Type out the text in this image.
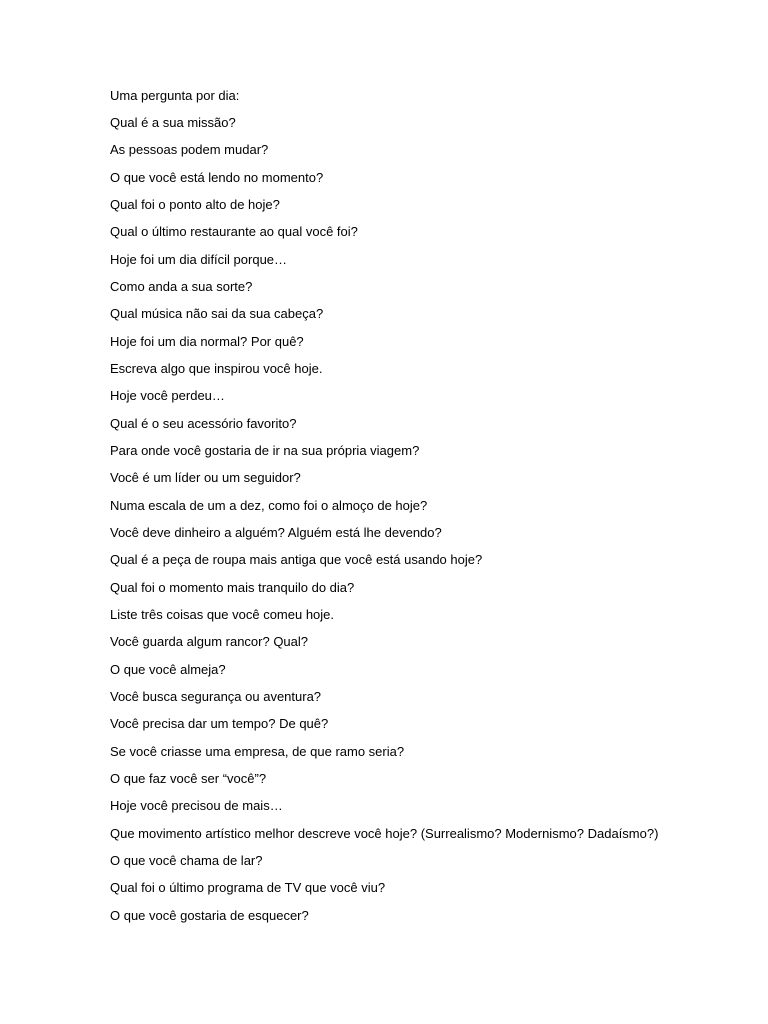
Uma pergunta por dia:

Qual é a sua missão?

As pessoas podem mudar?

O que você está lendo no momento?

Qual foi o ponto alto de hoje?

Qual o último restaurante ao qual você foi?

Hoje foi um dia difícil porque…

Como anda a sua sorte?

Qual música não sai da sua cabeça?

Hoje foi um dia normal? Por quê?

Escreva algo que inspirou você hoje.

Hoje você perdeu…

Qual é o seu acessório favorito?

Para onde você gostaria de ir na sua própria viagem?

Você é um líder ou um seguidor?

Numa escala de um a dez, como foi o almoço de hoje?

Você deve dinheiro a alguém? Alguém está lhe devendo?

Qual é a peça de roupa mais antiga que você está usando hoje?

Qual foi o momento mais tranquilo do dia?

Liste três coisas que você comeu hoje.

Você guarda algum rancor? Qual?

O que você almeja?

Você busca segurança ou aventura?

Você precisa dar um tempo? De quê?

Se você criasse uma empresa, de que ramo seria?

O que faz você ser “você”?

Hoje você precisou de mais…

Que movimento artístico melhor descreve você hoje? (Surrealismo? Modernismo? Dadaísmo?)

O que você chama de lar?

Qual foi o último programa de TV que você viu?

O que você gostaria de esquecer?
